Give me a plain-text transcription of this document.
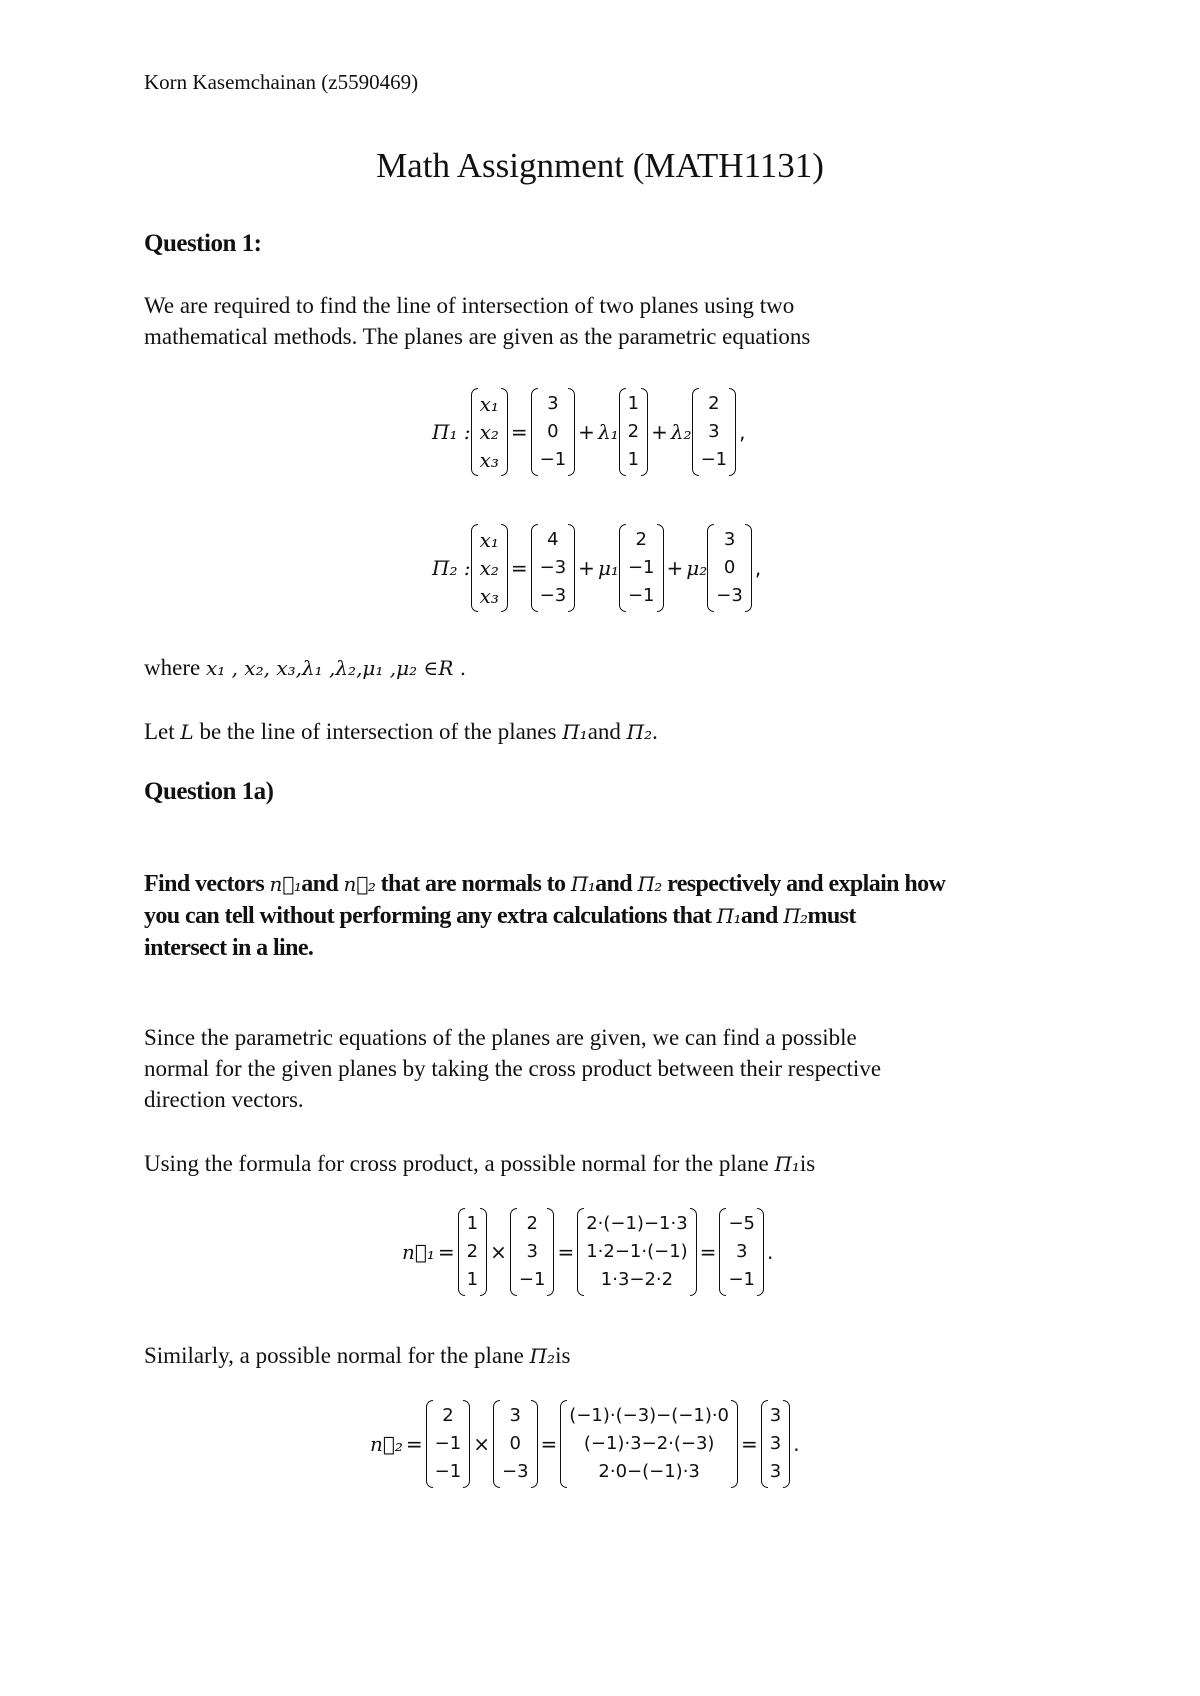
Korn Kasemchainan (z5590469)
Math Assignment (MATH1131)
Question 1:

We are required to find the line of intersection of two planes using two

mathematical methods. The planes are given as the parametric equations

Π₁ :
x₁
x₂
x₃
=
3
0
−1
+ λ₁
1
2
1
+ λ₂
2
3
−1
,
Π₂ :
x₁
x₂
x₃
=
4
−3
−3
+ μ₁
2
−1
−1
+ μ₂
3
0
−3
,
where x₁ , x₂, x₃,λ₁ ,λ₂,μ₁ ,μ₂ ∈R .
Let L be the line of intersection of the planes Π₁and Π₂.
Question 1a)
Find vectors n⃗₁and n⃗₂ that are normals to Π₁and Π₂ respectively and explain how
you can tell without performing any extra calculations that Π₁and Π₂must
intersect in a line.

Since the parametric equations of the planes are given, we can find a possible

normal for the given planes by taking the cross product between their respective

direction vectors.

Using the formula for cross product, a possible normal for the plane Π₁is
n⃗₁ =
1
2
1
×
2
3
−1
=
2·(−1)−1·3
1·2−1·(−1)
1·3−2·2
=
−5
3
−1
.
Similarly, a possible normal for the plane Π₂is
n⃗₂ =
2
−1
−1
×
3
0
−3
=
(−1)·(−3)−(−1)·0
(−1)·3−2·(−3)
2·0−(−1)·3
=
3
3
3
.
